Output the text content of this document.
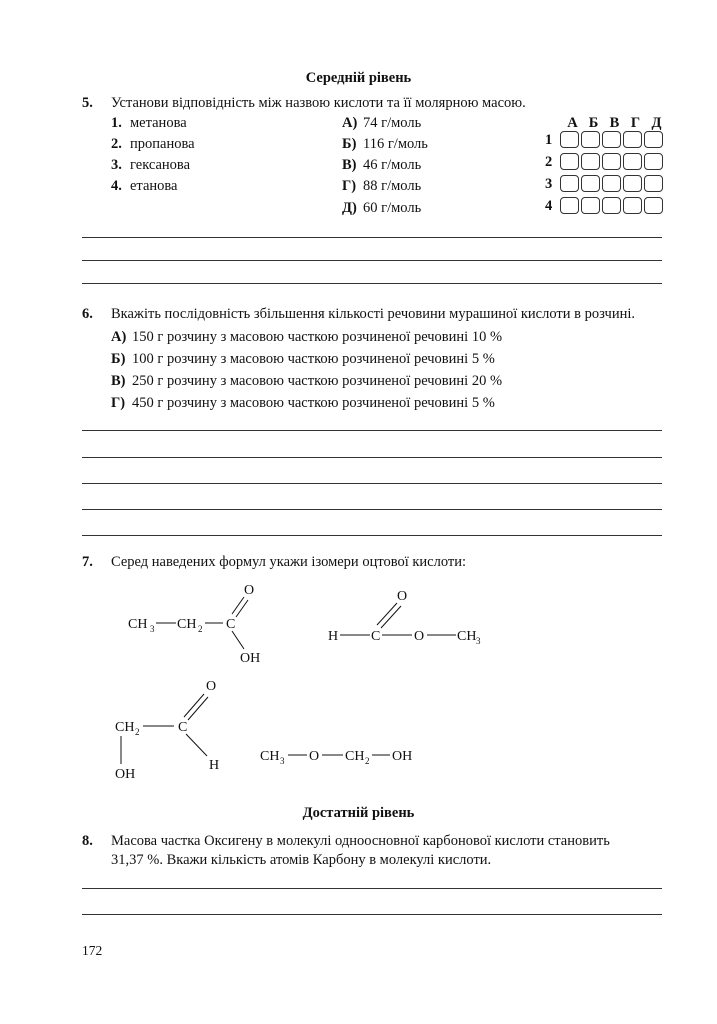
Середній рівень
5. Установи відповідність між назвою кислоти та її молярною масою.
1. метанова
2. пропанова
3. гексанова
4. етанова
А) 74 г/моль
Б) 116 г/моль
В) 46 г/моль
Г) 88 г/моль
Д) 60 г/моль
А Б В Г Д
1
2
3
4
6. Вкажіть послідовність збільшення кількості речовини мурашиної кислоти в розчині.
А) 150 г розчину з масовою часткою розчиненої речовині 10 %
Б) 100 г розчину з масовою часткою розчиненої речовині 5 %
В) 250 г розчину з масовою часткою розчиненої речовині 20 %
Г) 450 г розчину з масовою часткою розчиненої речовині 5 %
7. Серед наведених формул укажи ізомери оцтової кислоти:
CH 3 CH 2 C
O
OH
H C
O
O CH 3
CH 2	C
O
OH
H
CH 3 O CH 2 OH
Достатній рівень
8. Масова частка Оксигену в молекулі одноосновної карбонової кислоти становить
31,37 %. Вкажи кількість атомів Карбону в молекулі кислоти.
172
